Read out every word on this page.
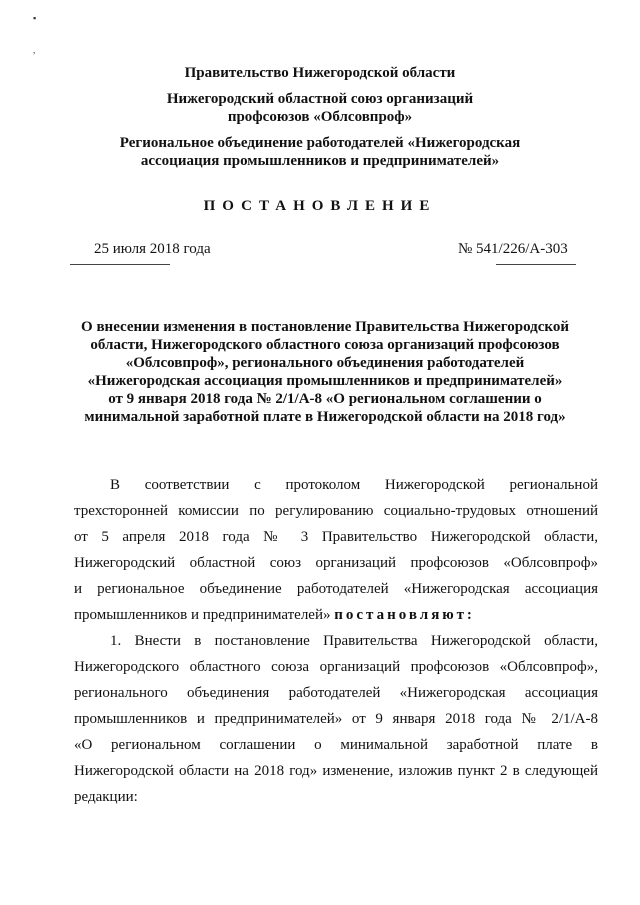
▪
,
Правительство Нижегородской области
Нижегородский областной союз организаций
профсоюзов «Облсовпроф»
Региональное объединение работодателей «Нижегородская
ассоциация промышленников и предпринимателей»
ПОСТАНОВЛЕНИЕ
25 июля 2018 года	№ 541/226/А-303
О внесении изменения в постановление Правительства Нижегородской
области, Нижегородского областного союза организаций профсоюзов
«Облсовпроф», регионального объединения работодателей
«Нижегородская ассоциация промышленников и предпринимателей»
от 9 января 2018 года № 2/1/А-8 «О региональном соглашении о
минимальной заработной плате в Нижегородской области на 2018 год»
В соответствии с протоколом Нижегородской региональной
трехсторонней комиссии по регулированию социально-трудовых отношений
от 5 апреля 2018 года № 3 Правительство Нижегородской области,
Нижегородский областной союз организаций профсоюзов «Облсовпроф»
и региональное объединение работодателей «Нижегородская ассоциация
промышленников и предпринимателей» постановляют:
1. Внести в постановление Правительства Нижегородской области,
Нижегородского областного союза организаций профсоюзов «Облсовпроф»,
регионального объединения работодателей «Нижегородская ассоциация
промышленников и предпринимателей» от 9 января 2018 года № 2/1/А-8
«О региональном соглашении о минимальной заработной плате в
Нижегородской области на 2018 год» изменение, изложив пункт 2 в следующей
редакции:
